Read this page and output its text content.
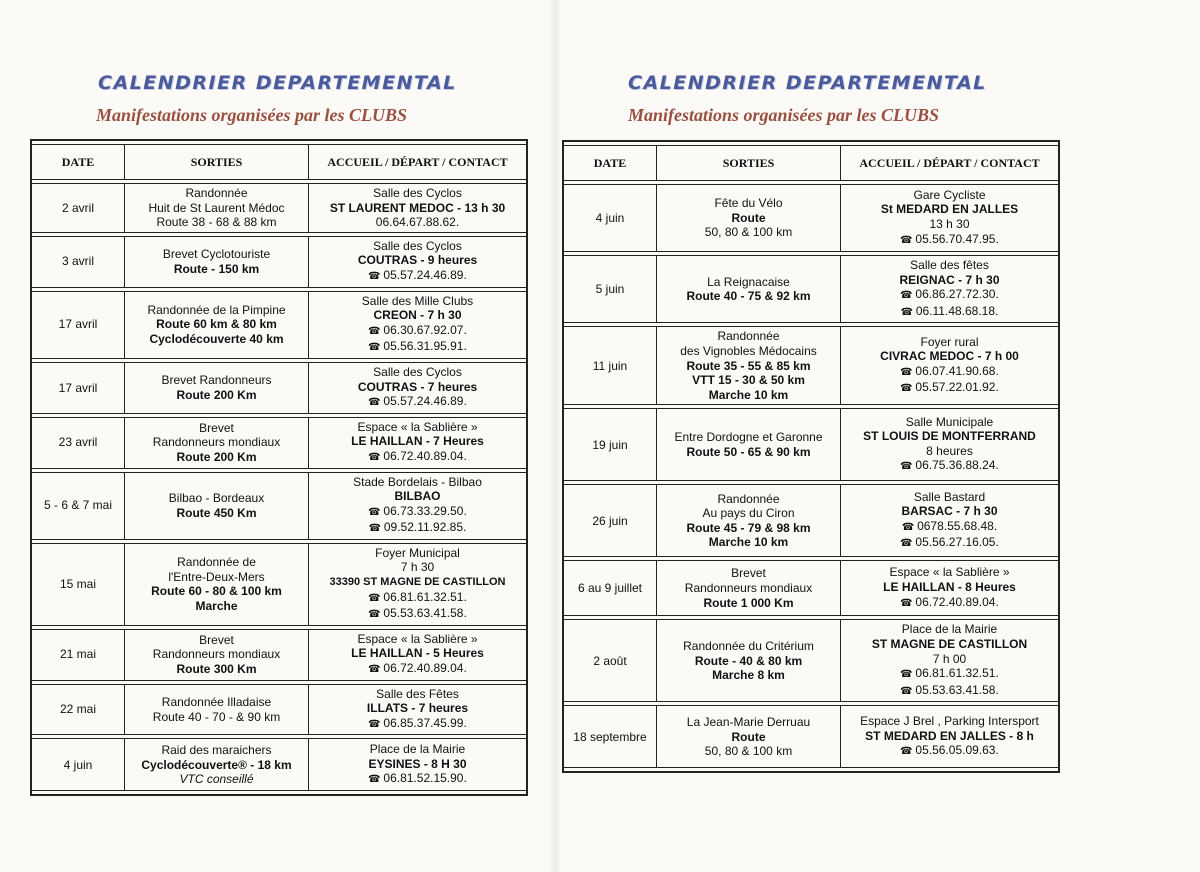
CALENDRIER DEPARTEMENTAL
Manifestations organisées par les CLUBS
DATE	SORTIES	ACCUEIL / DÉPART / CONTACT
2 avril	Randonnée
Huit de St Laurent Médoc
Route 38 - 68 & 88 km	Salle des Cyclos
ST LAURENT MEDOC - 13 h 30
06.64.67.88.62.

3 avril	Brevet Cyclotouriste
Route - 150 km	Salle des Cyclos
COUTRAS - 9 heures
☎ 05.57.24.46.89.

17 avril	Randonnée de la Pimpine
Route 60 km & 80 km
Cyclodécouverte 40 km	Salle des Mille Clubs
CREON - 7 h 30
☎ 06.30.67.92.07.
☎ 05.56.31.95.91.

17 avril	Brevet Randonneurs
Route 200 Km	Salle des Cyclos
COUTRAS - 7 heures
☎ 05.57.24.46.89.

23 avril	Brevet
Randonneurs mondiaux
Route 200 Km	Espace « la Sablière »
LE HAILLAN - 7 Heures
☎ 06.72.40.89.04.

5 - 6 & 7 mai	Bilbao - Bordeaux
Route 450 Km	Stade Bordelais - Bilbao
BILBAO
☎ 06.73.33.29.50.
☎ 09.52.11.92.85.

15 mai	Randonnée de
l'Entre-Deux-Mers
Route 60 - 80 & 100 km
Marche	Foyer Municipal
7 h 30
33390 ST MAGNE DE CASTILLON
☎ 06.81.61.32.51.
☎ 05.53.63.41.58.

21 mai	Brevet
Randonneurs mondiaux
Route 300 Km	Espace « la Sablière »
LE HAILLAN - 5 Heures
☎ 06.72.40.89.04.

22 mai	Randonnée Illadaise
Route 40 - 70 - & 90 km	Salle des Fêtes
ILLATS - 7 heures
☎ 06.85.37.45.99.

4 juin	Raid des maraichers
Cyclodécouverte® - 18 km
VTC conseillé	Place de la Mairie
EYSINES - 8 H 30
☎ 06.81.52.15.90.
CALENDRIER DEPARTEMENTAL
Manifestations organisées par les CLUBS
DATE	SORTIES	ACCUEIL / DÉPART / CONTACT
4 juin	Fête du Vélo
Route
50, 80 & 100 km	Gare Cycliste
St MEDARD EN JALLES
13 h 30
☎ 05.56.70.47.95.

5 juin	La Reignacaise
Route 40 - 75 & 92 km	Salle des fêtes
REIGNAC - 7 h 30
☎ 06.86.27.72.30.
☎ 06.11.48.68.18.

11 juin	Randonnée
des Vignobles Médocains
Route 35 - 55 & 85 km
VTT 15 - 30 & 50 km
Marche 10 km	Foyer rural
CIVRAC MEDOC - 7 h 00
☎ 06.07.41.90.68.
☎ 05.57.22.01.92.

19 juin	Entre Dordogne et Garonne
Route 50 - 65 & 90 km	Salle Municipale
ST LOUIS DE MONTFERRAND
8 heures
☎ 06.75.36.88.24.

26 juin	Randonnée
Au pays du Ciron
Route 45 - 79 & 98 km
Marche 10 km	Salle Bastard
BARSAC - 7 h 30
☎ 0678.55.68.48.
☎ 05.56.27.16.05.

6 au 9 juillet	Brevet
Randonneurs mondiaux
Route 1 000 Km	Espace « la Sablière »
LE HAILLAN - 8 Heures
☎ 06.72.40.89.04.

2 août	Randonnée du Critérium
Route - 40 & 80 km
Marche 8 km	Place de la Mairie
ST MAGNE DE CASTILLON
7 h 00
☎ 06.81.61.32.51.
☎ 05.53.63.41.58.

18 septembre	La Jean-Marie Derruau
Route
50, 80 & 100 km	Espace J Brel , Parking Intersport
ST MEDARD EN JALLES - 8 h
☎ 05.56.05.09.63.
